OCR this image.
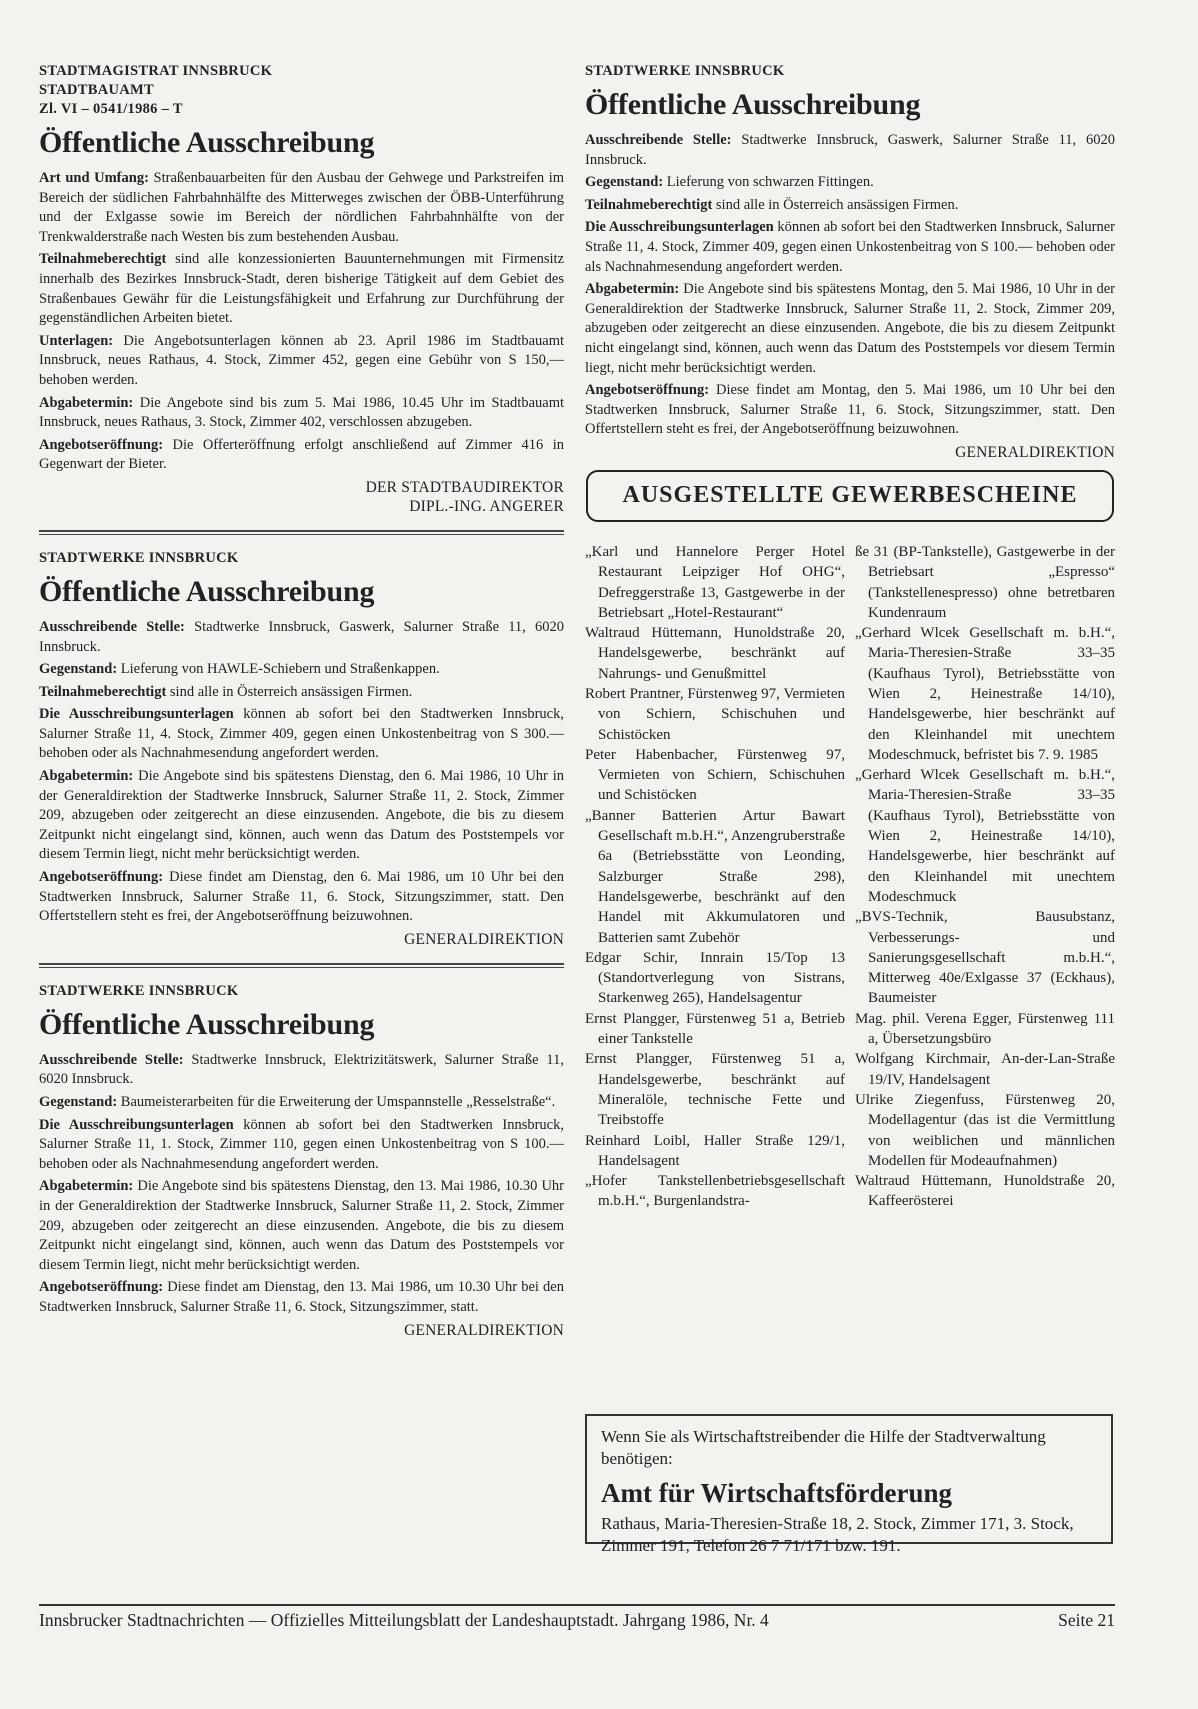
STADTMAGISTRAT INNSBRUCK
STADTBAUAMT
Zl. VI – 0541/1986 – T
Öffentliche Ausschreibung

Art und Umfang: Straßenbauarbeiten für den Ausbau der Gehwege und Parkstreifen im Bereich der südlichen Fahrbahnhälfte des Mitterweges zwischen der ÖBB-Unterführung und der Exlgasse sowie im Bereich der nördlichen Fahrbahnhälfte von der Trenkwalderstraße nach Westen bis zum bestehenden Ausbau.

Teilnahmeberechtigt sind alle konzessionierten Bauunternehmungen mit Firmensitz innerhalb des Bezirkes Innsbruck-Stadt, deren bisherige Tätigkeit auf dem Gebiet des Straßenbaues Gewähr für die Leistungsfähigkeit und Erfahrung zur Durchführung der gegenständlichen Arbeiten bietet.

Unterlagen: Die Angebotsunterlagen können ab 23. April 1986 im Stadtbauamt Innsbruck, neues Rathaus, 4. Stock, Zimmer 452, gegen eine Gebühr von S 150,— behoben werden.

Abgabetermin: Die Angebote sind bis zum 5. Mai 1986, 10.45 Uhr im Stadtbauamt Innsbruck, neues Rathaus, 3. Stock, Zimmer 402, verschlossen abzugeben.

Angebotseröffnung: Die Offerteröffnung erfolgt anschließend auf Zimmer 416 in Gegenwart der Bieter.

DER STADTBAUDIREKTOR
DIPL.-ING. ANGERER
STADTWERKE INNSBRUCK
Öffentliche Ausschreibung

Ausschreibende Stelle: Stadtwerke Innsbruck, Gaswerk, Salurner Straße 11, 6020 Innsbruck.

Gegenstand: Lieferung von HAWLE-Schiebern und Straßenkappen.

Teilnahmeberechtigt sind alle in Österreich ansässigen Firmen.

Die Ausschreibungsunterlagen können ab sofort bei den Stadtwerken Innsbruck, Salurner Straße 11, 4. Stock, Zimmer 409, gegen einen Unkostenbeitrag von S 300.— behoben oder als Nachnahmesendung angefordert werden.

Abgabetermin: Die Angebote sind bis spätestens Dienstag, den 6. Mai 1986, 10 Uhr in der Generaldirektion der Stadtwerke Innsbruck, Salurner Straße 11, 2. Stock, Zimmer 209, abzugeben oder zeitgerecht an diese einzusenden. Angebote, die bis zu diesem Zeitpunkt nicht eingelangt sind, können, auch wenn das Datum des Poststempels vor diesem Termin liegt, nicht mehr berücksichtigt werden.

Angebotseröffnung: Diese findet am Dienstag, den 6. Mai 1986, um 10 Uhr bei den Stadtwerken Innsbruck, Salurner Straße 11, 6. Stock, Sitzungszimmer, statt. Den Offertstellern steht es frei, der Angebotseröffnung beizuwohnen.

GENERALDIREKTION
STADTWERKE INNSBRUCK
Öffentliche Ausschreibung

Ausschreibende Stelle: Stadtwerke Innsbruck, Elektrizitätswerk, Salurner Straße 11, 6020 Innsbruck.

Gegenstand: Baumeisterarbeiten für die Erweiterung der Umspannstelle „Resselstraße“.

Die Ausschreibungsunterlagen können ab sofort bei den Stadtwerken Innsbruck, Salurner Straße 11, 1. Stock, Zimmer 110, gegen einen Unkostenbeitrag von S 100.— behoben oder als Nachnahmesendung angefordert werden.

Abgabetermin: Die Angebote sind bis spätestens Dienstag, den 13. Mai 1986, 10.30 Uhr in der Generaldirektion der Stadtwerke Innsbruck, Salurner Straße 11, 2. Stock, Zimmer 209, abzugeben oder zeitgerecht an diese einzusenden. Angebote, die bis zu diesem Zeitpunkt nicht eingelangt sind, können, auch wenn das Datum des Poststempels vor diesem Termin liegt, nicht mehr berücksichtigt werden.

Angebotseröffnung: Diese findet am Dienstag, den 13. Mai 1986, um 10.30 Uhr bei den Stadtwerken Innsbruck, Salurner Straße 11, 6. Stock, Sitzungszimmer, statt.

GENERALDIREKTION
STADTWERKE INNSBRUCK
Öffentliche Ausschreibung

Ausschreibende Stelle: Stadtwerke Innsbruck, Gaswerk, Salurner Straße 11, 6020 Innsbruck.

Gegenstand: Lieferung von schwarzen Fittingen.

Teilnahmeberechtigt sind alle in Österreich ansässigen Firmen.

Die Ausschreibungsunterlagen können ab sofort bei den Stadtwerken Innsbruck, Salurner Straße 11, 4. Stock, Zimmer 409, gegen einen Unkostenbeitrag von S 100.— behoben oder als Nachnahmesendung angefordert werden.

Abgabetermin: Die Angebote sind bis spätestens Montag, den 5. Mai 1986, 10 Uhr in der Generaldirektion der Stadtwerke Innsbruck, Salurner Straße 11, 2. Stock, Zimmer 209, abzugeben oder zeitgerecht an diese einzusenden. Angebote, die bis zu diesem Zeitpunkt nicht eingelangt sind, können, auch wenn das Datum des Poststempels vor diesem Termin liegt, nicht mehr berücksichtigt werden.

Angebotseröffnung: Diese findet am Montag, den 5. Mai 1986, um 10 Uhr bei den Stadtwerken Innsbruck, Salurner Straße 11, 6. Stock, Sitzungszimmer, statt. Den Offertstellern steht es frei, der Angebotseröffnung beizuwohnen.

GENERALDIREKTION
AUSGESTELLTE GEWERBESCHEINE

„Karl und Hannelore Perger Hotel Restaurant Leipziger Hof OHG“, Defreggerstraße 13, Gastgewerbe in der Betriebsart „Hotel-Restaurant“

Waltraud Hüttemann, Hunoldstraße 20, Handelsgewerbe, beschränkt auf Nahrungs- und Genußmittel

Robert Prantner, Fürstenweg 97, Vermieten von Schiern, Schischuhen und Schistöcken

Peter Habenbacher, Fürstenweg 97, Vermieten von Schiern, Schischuhen und Schistöcken

„Banner Batterien Artur Bawart Gesellschaft m.b.H.“, Anzengruberstraße 6a (Betriebsstätte von Leonding, Salzburger Straße 298), Handelsgewerbe, beschränkt auf den Handel mit Akkumulatoren und Batterien samt Zubehör

Edgar Schir, Innrain 15/Top 13 (Standortverlegung von Sistrans, Starkenweg 265), Handelsagentur

Ernst Plangger, Fürstenweg 51 a, Betrieb einer Tankstelle

Ernst Plangger, Fürstenweg 51 a, Handelsgewerbe, beschränkt auf Mineralöle, technische Fette und Treibstoffe

Reinhard Loibl, Haller Straße 129/1, Handelsagent

„Hofer Tankstellenbetriebsgesellschaft m.b.H.“, Burgenlandstra-

ße 31 (BP-Tankstelle), Gastgewerbe in der Betriebsart „Espresso“ (Tankstellenespresso) ohne betretbaren Kundenraum

„Gerhard Wlcek Gesellschaft m. b.H.“, Maria-Theresien-Straße 33–35 (Kaufhaus Tyrol), Betriebsstätte von Wien 2, Heinestraße 14/10), Handelsgewerbe, hier beschränkt auf den Kleinhandel mit unechtem Modeschmuck, befristet bis 7. 9. 1985

„Gerhard Wlcek Gesellschaft m. b.H.“, Maria-Theresien-Straße 33–35 (Kaufhaus Tyrol), Betriebsstätte von Wien 2, Heinestraße 14/10), Handelsgewerbe, hier beschränkt auf den Kleinhandel mit unechtem Modeschmuck

„BVS-Technik, Bausubstanz, Verbesserungs- und Sanierungsgesellschaft m.b.H.“, Mitterweg 40e/Exlgasse 37 (Eckhaus), Baumeister

Mag. phil. Verena Egger, Fürstenweg 111 a, Übersetzungsbüro

Wolfgang Kirchmair, An-der-Lan-Straße 19/IV, Handelsagent

Ulrike Ziegenfuss, Fürstenweg 20, Modellagentur (das ist die Vermittlung von weiblichen und männlichen Modellen für Modeaufnahmen)

Waltraud Hüttemann, Hunoldstraße 20, Kaffeerösterei

Wenn Sie als Wirtschaftstreibender die Hilfe der Stadtverwaltung benötigen:
Amt für Wirtschaftsförderung
Rathaus, Maria-Theresien-Straße 18, 2. Stock, Zimmer 171, 3. Stock, Zimmer 191, Telefon 26 7 71/171 bzw. 191.
Innsbrucker Stadtnachrichten — Offizielles Mitteilungsblatt der Landeshauptstadt. Jahrgang 1986, Nr. 4	Seite 21
